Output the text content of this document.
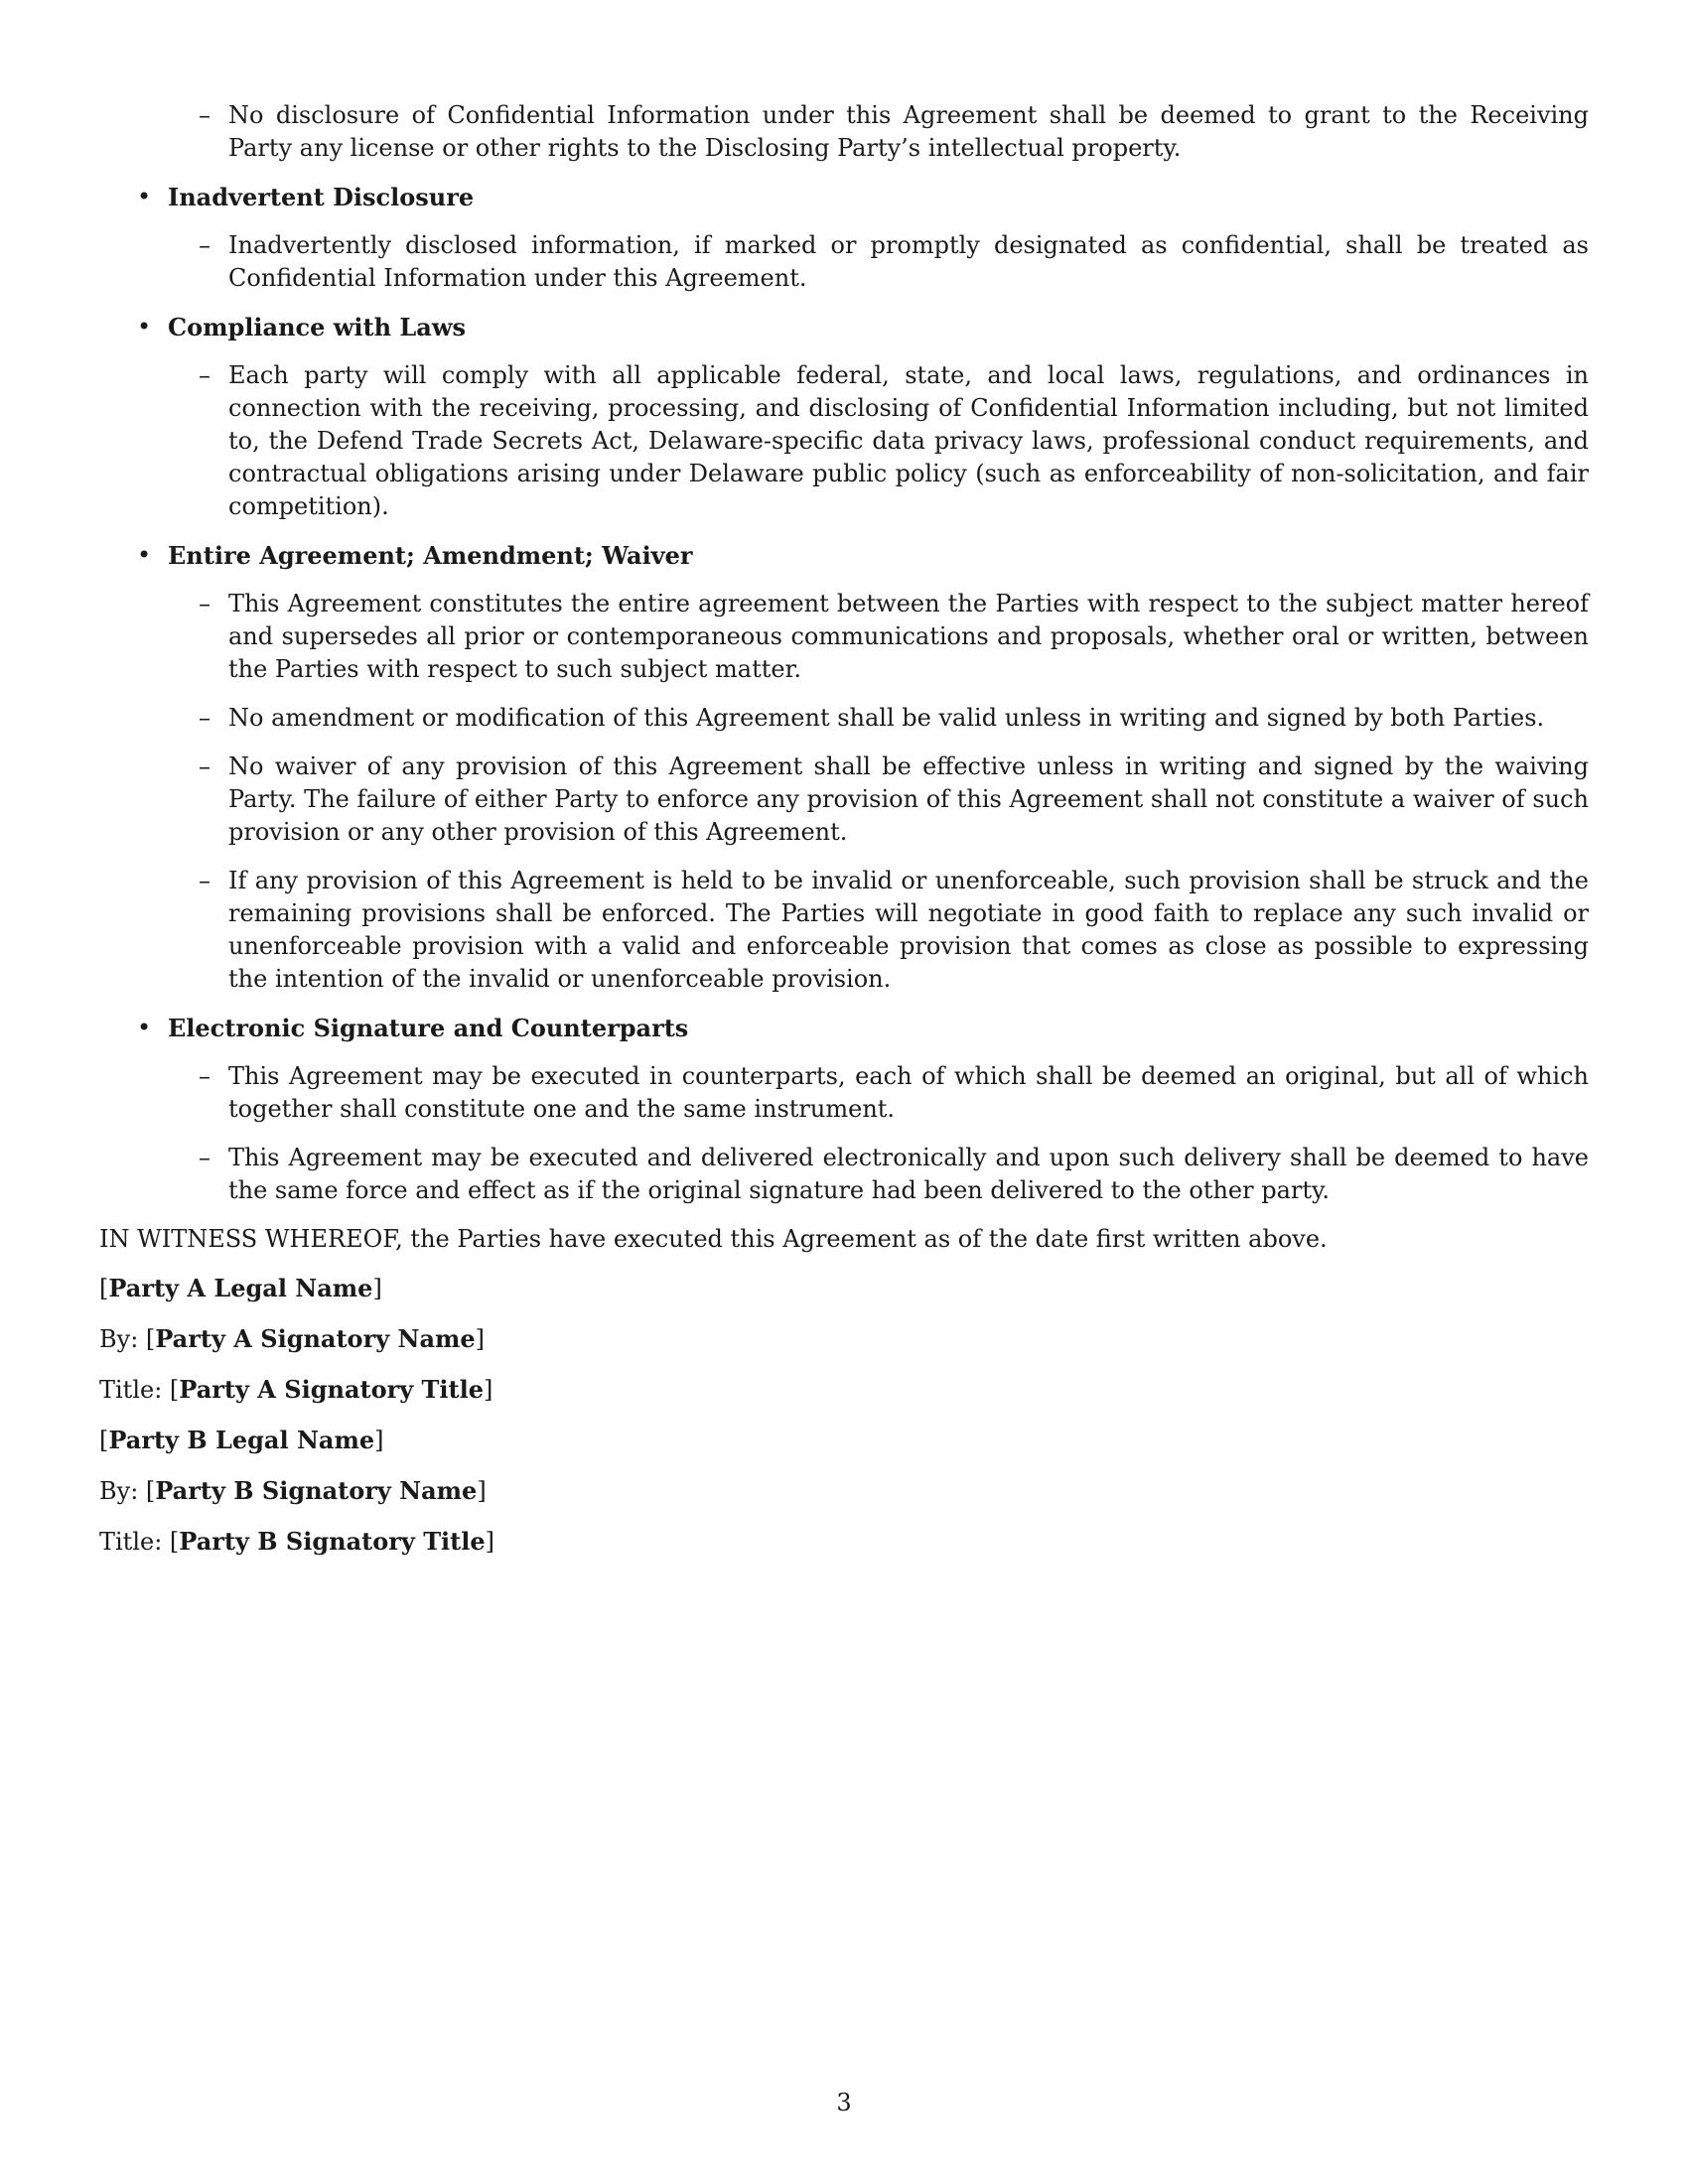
– No disclosure of Confidential Information under this Agreement shall be deemed to grant to the Receiving Party any license or other rights to the Disclosing Party’s intellectual property.
• Inadvertent Disclosure
– Inadvertently disclosed information, if marked or promptly designated as confidential, shall be treated as Confidential Information under this Agreement.
• Compliance with Laws
– Each party will comply with all applicable federal, state, and local laws, regulations, and ordinances in connection with the receiving, processing, and disclosing of Confidential Information including, but not limited to, the Defend Trade Secrets Act, Delaware-specific data privacy laws, professional conduct requirements, and contractual obligations arising under Delaware public policy (such as enforceability of non-solicitation, and fair competition).
• Entire Agreement; Amendment; Waiver
– This Agreement constitutes the entire agreement between the Parties with respect to the subject matter hereof and supersedes all prior or contemporaneous communications and proposals, whether oral or written, between the Parties with respect to such subject matter.
– No amendment or modification of this Agreement shall be valid unless in writing and signed by both Parties.
– No waiver of any provision of this Agreement shall be effective unless in writing and signed by the waiving Party. The failure of either Party to enforce any provision of this Agreement shall not constitute a waiver of such provision or any other provision of this Agreement.
– If any provision of this Agreement is held to be invalid or unenforceable, such provision shall be struck and the remaining provisions shall be enforced. The Parties will negotiate in good faith to replace any such invalid or unenforceable provision with a valid and enforceable provision that comes as close as possible to expressing the intention of the invalid or unenforceable provision.
• Electronic Signature and Counterparts
– This Agreement may be executed in counterparts, each of which shall be deemed an original, but all of which together shall constitute one and the same instrument.
– This Agreement may be executed and delivered electronically and upon such delivery shall be deemed to have the same force and effect as if the original signature had been delivered to the other party.

IN WITNESS WHEREOF, the Parties have executed this Agreement as of the date first written above.

[Party A Legal Name]
By: [Party A Signatory Name]
Title: [Party A Signatory Title]
[Party B Legal Name]
By: [Party B Signatory Name]
Title: [Party B Signatory Title]
3
